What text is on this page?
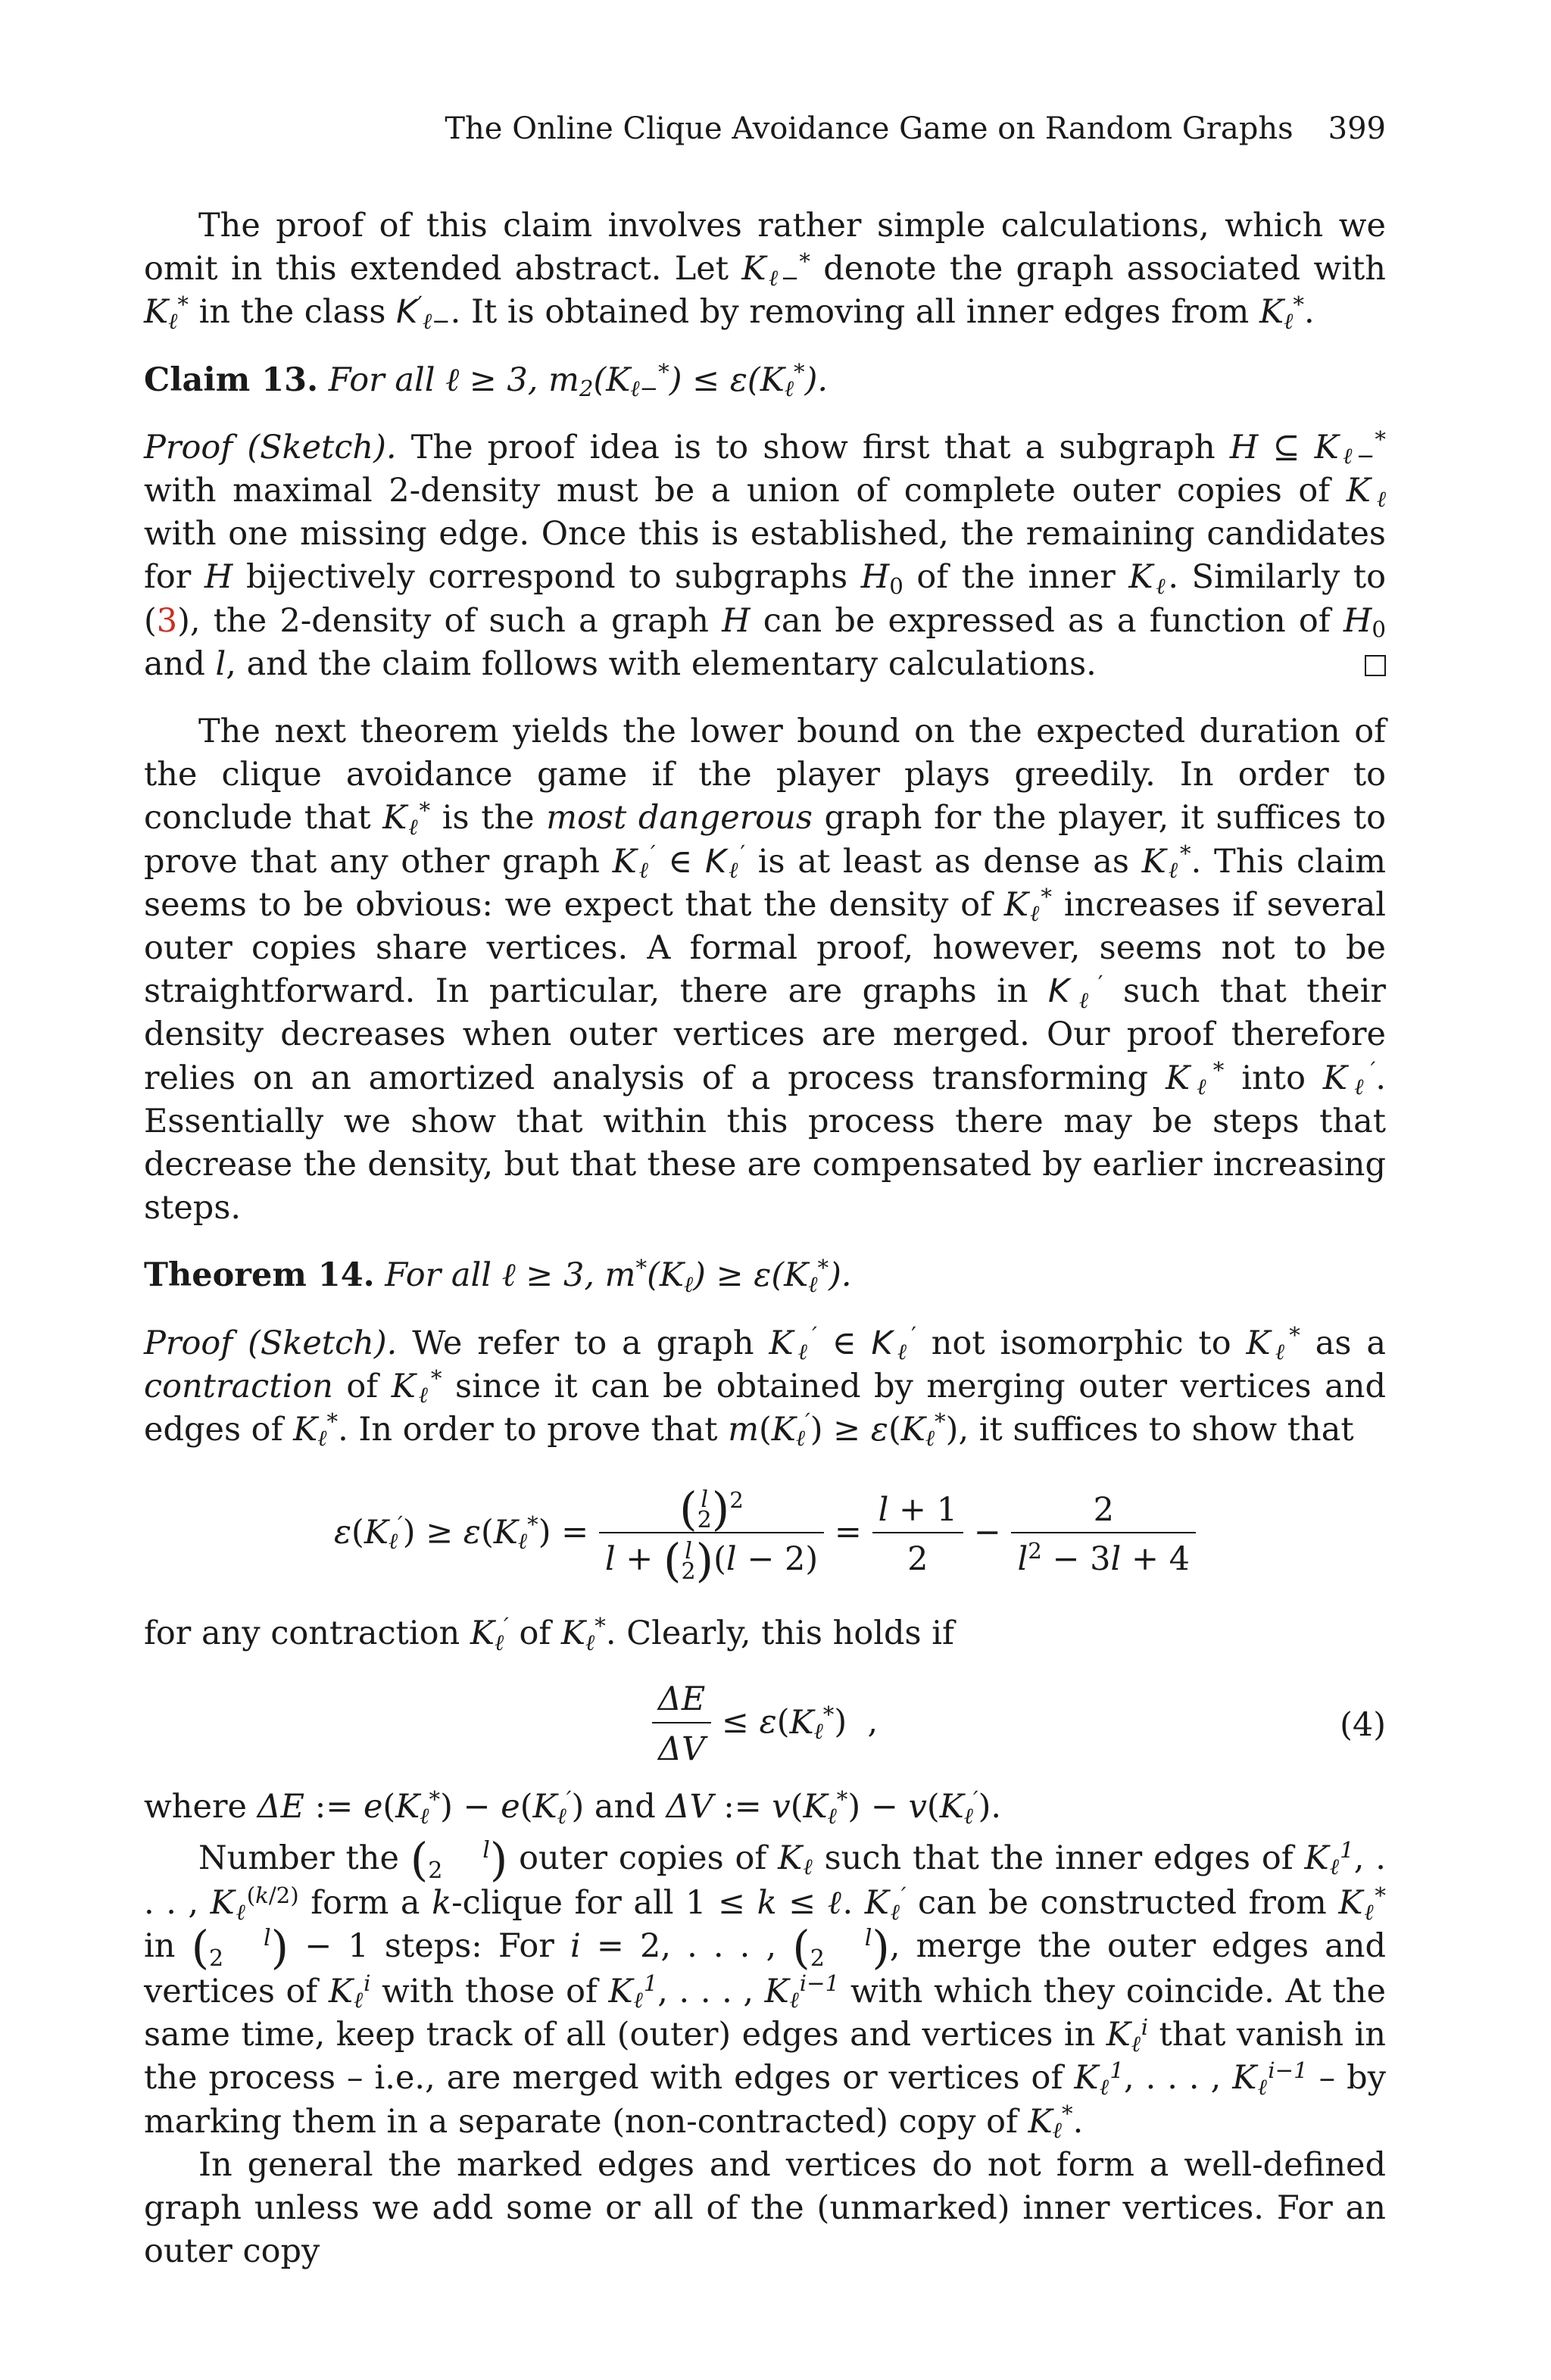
The Online Clique Avoidance Game on Random Graphs 399

The proof of this claim involves rather simple calculations, which we omit in this extended abstract. Let $K_{\ell-}^*$ denote the graph associated with $K_\ell^*$ in the class $K'_{\ell-}$. It is obtained by removing all inner edges from $K_\ell^*$.

Claim 13. For all ℓ ≥ 3, $m_2(K_{\ell-}^*) \le \varepsilon(K_\ell^*)$.

Proof (Sketch). The proof idea is to show first that a subgraph H ⊆ $K_{\ell-}^*$ with maximal 2-density must be a union of complete outer copies of $K_\ell$ with one missing edge. Once this is established, the remaining candidates for H bijectively correspond to subgraphs $H_0$ of the inner $K_\ell$. Similarly to (3), the 2-density of such a graph H can be expressed as a function of $H_0$ and l, and the claim follows with elementary calculations.

The next theorem yields the lower bound on the expected duration of the clique avoidance game if the player plays greedily. In order to conclude that $K_\ell^*$ is the most dangerous graph for the player, it suffices to prove that any other graph $K_\ell'$ ∈ $K_\ell'$ is at least as dense as $K_\ell^*$. This claim seems to be obvious: we expect that the density of $K_\ell^*$ increases if several outer copies share vertices. A formal proof, however, seems not to be straightforward. In particular, there are graphs in $K_\ell'$ such that their density decreases when outer vertices are merged. Our proof therefore relies on an amortized analysis of a process transforming $K_\ell^*$ into $K_\ell'$. Essentially we show that within this process there may be steps that decrease the density, but that these are compensated by earlier increasing steps.

Theorem 14. For all ℓ ≥ 3, $m^*(K_\ell) \ge \varepsilon(K_\ell^*)$.

Proof (Sketch). We refer to a graph $K_\ell'$ ∈ $K_\ell'$ not isomorphic to $K_\ell^*$ as a contraction of $K_\ell^*$ since it can be obtained by merging outer vertices and edges of $K_\ell^*$. In order to prove that $m(K_\ell') \ge \varepsilon(K_\ell^*)$, it suffices to show that

$\varepsilon(K_\ell') \ge \varepsilon(K_\ell^*)$ =	( l
2)$^2$
l + ( l
2)(l − 2)
= $\frac{l + 1}{2} - \frac{2}{l^2 - 3l + 4}$

for any contraction $K_\ell'$ of $K_\ell^*$. Clearly, this holds if

$\frac{\Delta E}{\Delta V} \le \varepsilon(K_\ell^*)$  ,	(4)

where ΔE := $e(K_\ell^*) - e(K_\ell')$ and ΔV := $v(K_\ell^*) - v(K_\ell')$.

Number the ( l
2 ) outer copies of $K_\ell$ such that the inner edges of $K_\ell^1$, . . . , $K_\ell^{(k/2)}$ form a k-clique for all 1 ≤ k ≤ ℓ. $K_\ell'$ can be constructed from $K_\ell^*$ in ( l
2 ) − 1 steps: For i = 2, . . . , ( l
2 ), merge the outer edges and vertices of $K_\ell^i$ with those of $K_\ell^1$, . . . , $K_\ell^{i-1}$ with which they coincide. At the same time, keep track of all (outer) edges and vertices in $K_\ell^i$ that vanish in the process – i.e., are merged with edges or vertices of $K_\ell^1$, . . . , $K_\ell^{i-1}$ – by marking them in a separate (non-contracted) copy of $K_\ell^*$.

In general the marked edges and vertices do not form a well-defined graph unless we add some or all of the (unmarked) inner vertices. For an outer copy
